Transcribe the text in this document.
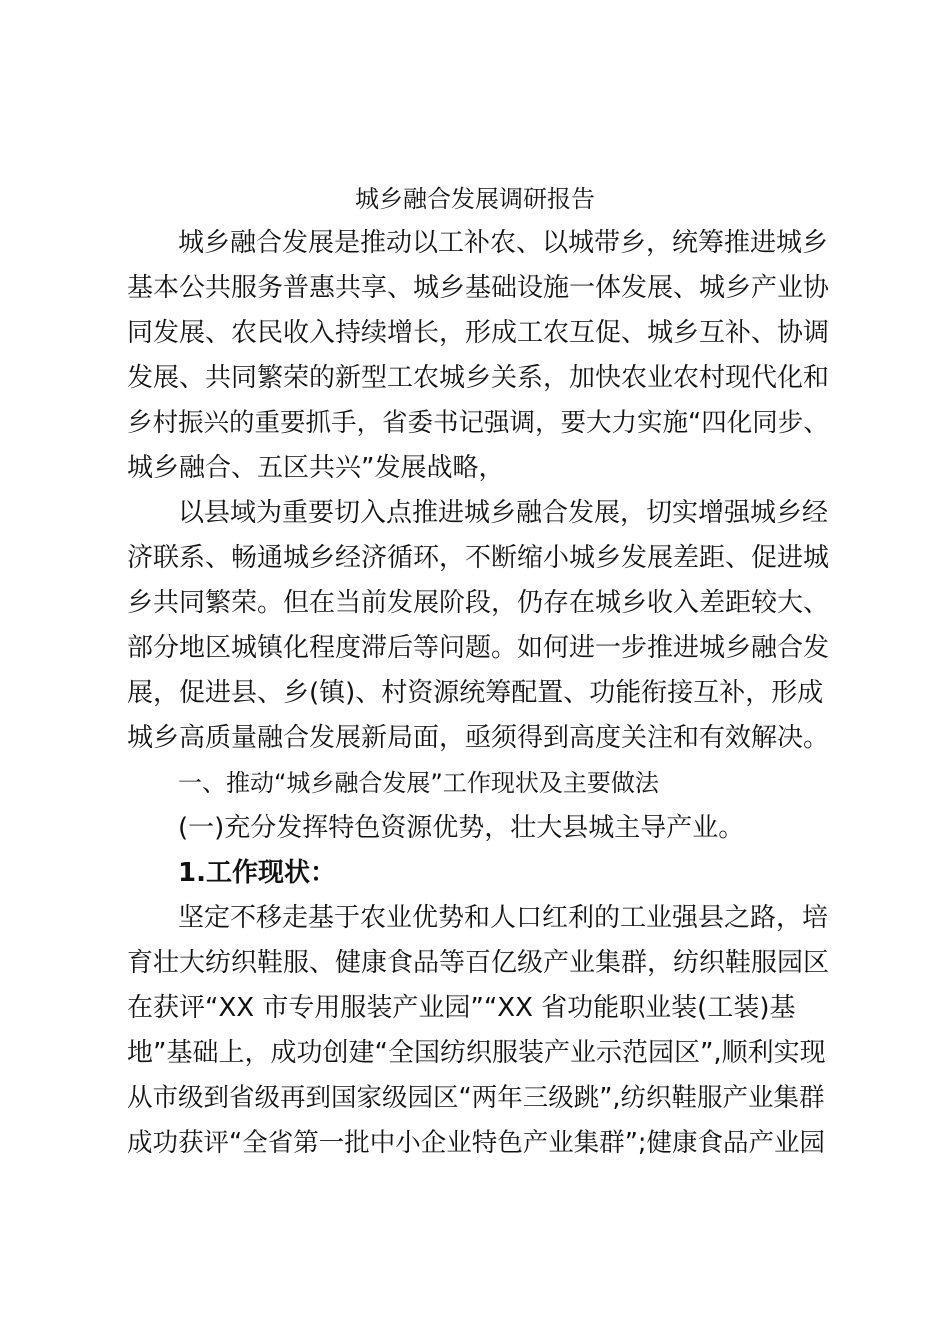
城乡融合发展调研报告

城乡融合发展是推动以工补农、以城带乡，统筹推进城乡

基本公共服务普惠共享、城乡基础设施一体发展、城乡产业协

同发展、农民收入持续增长，形成工农互促、城乡互补、协调

发展、共同繁荣的新型工农城乡关系，加快农业农村现代化和

乡村振兴的重要抓手，省委书记强调，要大力实施“四化同步、

城乡融合、五区共兴”发展战略，

以县域为重要切入点推进城乡融合发展，切实增强城乡经

济联系、畅通城乡经济循环，不断缩小城乡发展差距、促进城

乡共同繁荣。但在当前发展阶段，仍存在城乡收入差距较大、

部分地区城镇化程度滞后等问题。如何进一步推进城乡融合发

展，促进县、乡(镇)、村资源统筹配置、功能衔接互补，形成

城乡高质量融合发展新局面，亟须得到高度关注和有效解决。

一、推动“城乡融合发展”工作现状及主要做法

(一)充分发挥特色资源优势，壮大县城主导产业。

1.工作现状：

坚定不移走基于农业优势和人口红利的工业强县之路，培

育壮大纺织鞋服、健康食品等百亿级产业集群，纺织鞋服园区

在获评“XX 市专用服装产业园”“XX 省功能职业装(工装)基

地”基础上，成功创建“全国纺织服装产业示范园区”,顺利实现

从市级到省级再到国家级园区“两年三级跳”,纺织鞋服产业集群

成功获评“全省第一批中小企业特色产业集群”;健康食品产业园
